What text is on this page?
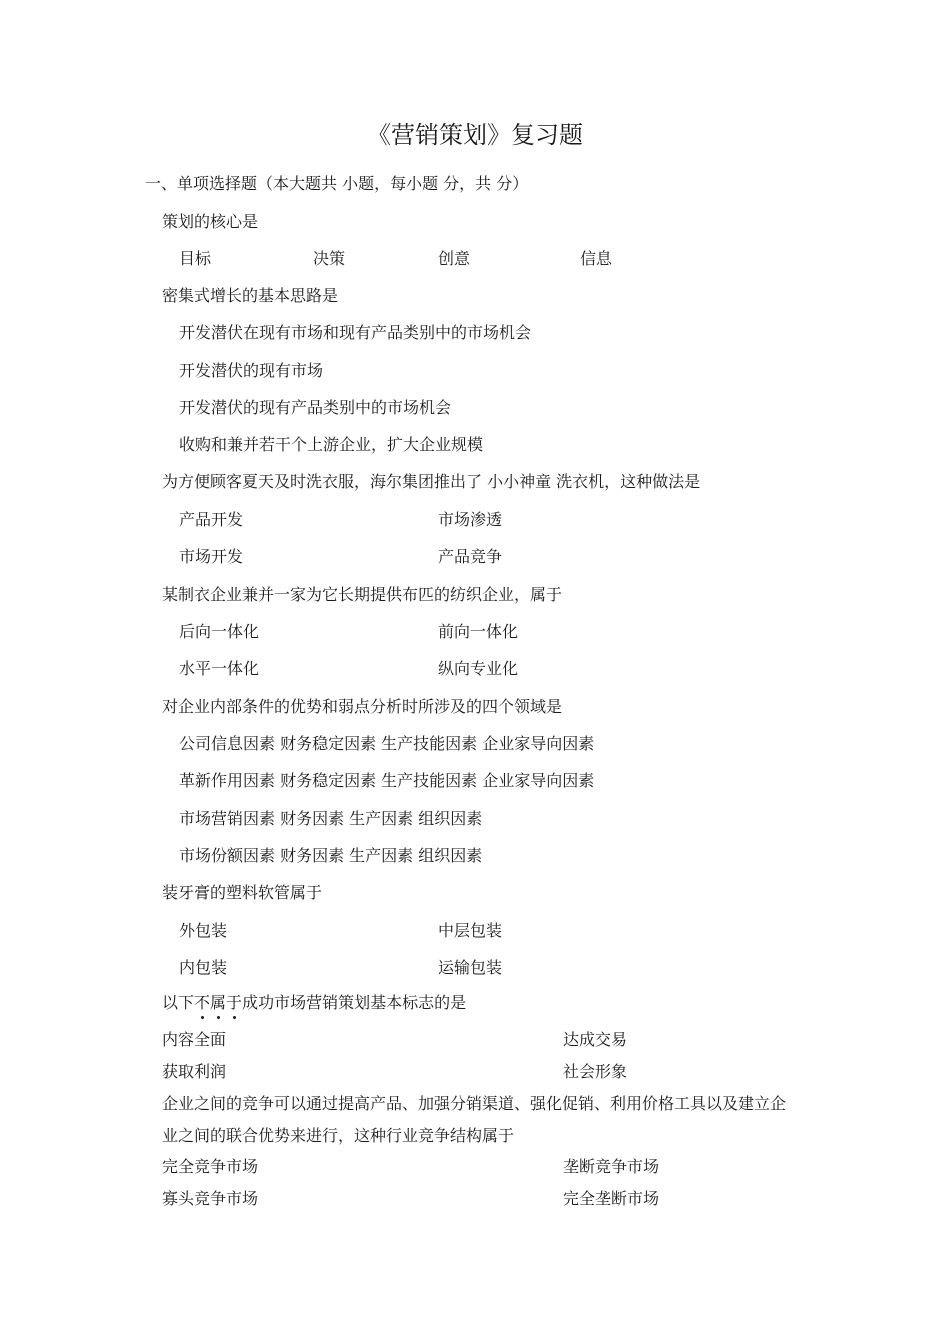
《营销策划》复习题
一、单项选择题（本大题共 小题，每小题 分，共 分）
策划的核心是
目标	决策	创意	信息
密集式增长的基本思路是
开发潜伏在现有市场和现有产品类别中的市场机会
开发潜伏的现有市场
开发潜伏的现有产品类别中的市场机会
收购和兼并若干个上游企业，扩大企业规模
为方便顾客夏天及时洗衣服，海尔集团推出了 小小神童 洗衣机，这种做法是
产品开发	市场渗透
市场开发	产品竞争
某制衣企业兼并一家为它长期提供布匹的纺织企业，属于
后向一体化	前向一体化
水平一体化	纵向专业化
对企业内部条件的优势和弱点分析时所涉及的四个领域是
公司信息因素 财务稳定因素 生产技能因素 企业家导向因素
革新作用因素 财务稳定因素 生产技能因素 企业家导向因素
市场营销因素 财务因素 生产因素 组织因素
市场份额因素 财务因素 生产因素 组织因素
装牙膏的塑料软管属于
外包装	中层包装
内包装	运输包装
以下不
属
于
成功市场营销策划基本标志的是
内容全面	达成交易
获取利润	社会形象
企业之间的竞争可以通过提高产品、加强分销渠道、强化促销、利用价格工具以及建立企
业之间的联合优势来进行，这种行业竞争结构属于
完全竞争市场	垄断竞争市场
寡头竞争市场	完全垄断市场
